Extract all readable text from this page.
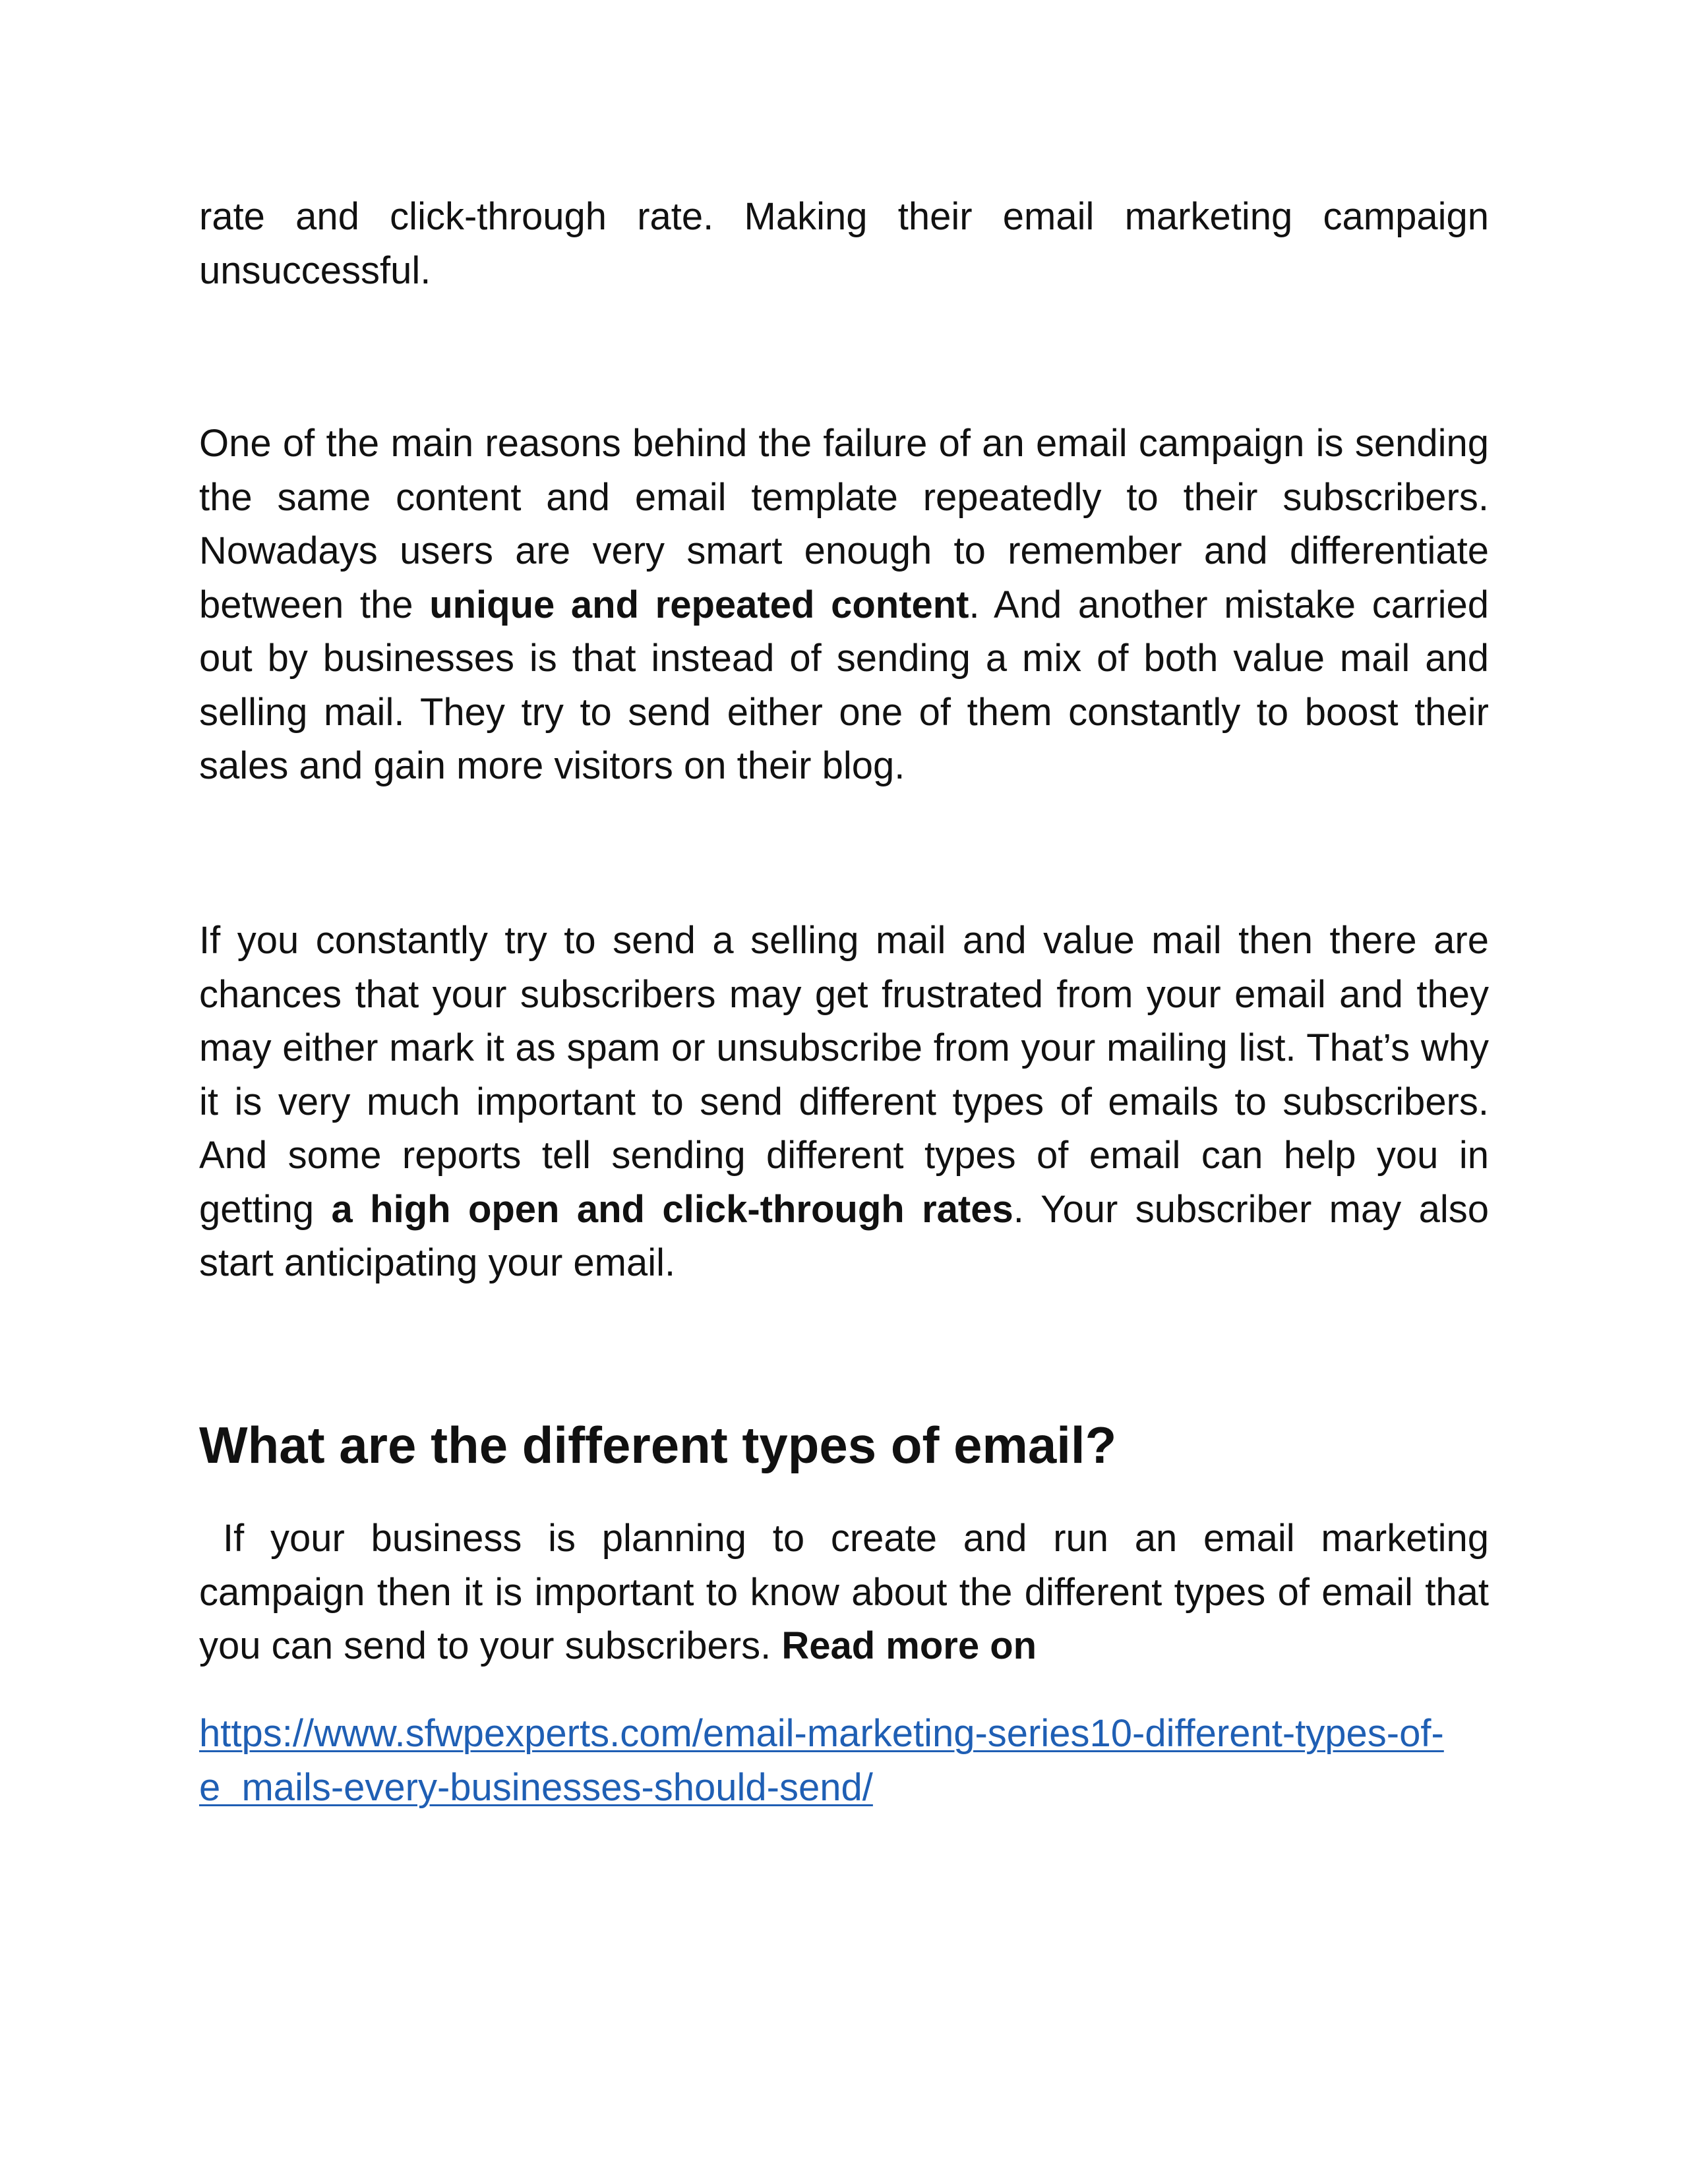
rate and click-through rate. Making their email marketing campaign unsuccessful.

One of the main reasons behind the failure of an email campaign is sending the same content and email template repeatedly to their subscribers. Nowadays users are very smart enough to remember and differentiate between the unique and repeated content. And another mistake carried out by businesses is that instead of sending a mix of both value mail and selling mail. They try to send either one of them constantly to boost their sales and gain more visitors on their blog.

If you constantly try to send a selling mail and value mail then there are chances that your subscribers may get frustrated from your email and they may either mark it as spam or unsubscribe from your mailing list. That’s why it is very much important to send different types of emails to subscribers. And some reports tell sending different types of email can help you in getting a high open and click-through rates. Your subscriber may also start anticipating your email.

What are the different types of email?

If your business is planning to create and run an email marketing campaign then it is important to know about the different types of email that you can send to your subscribers. Read more on

https://www.sfwpexperts.com/email-marketing-series10-different-types-of-
e  mails-every-businesses-should-send/
